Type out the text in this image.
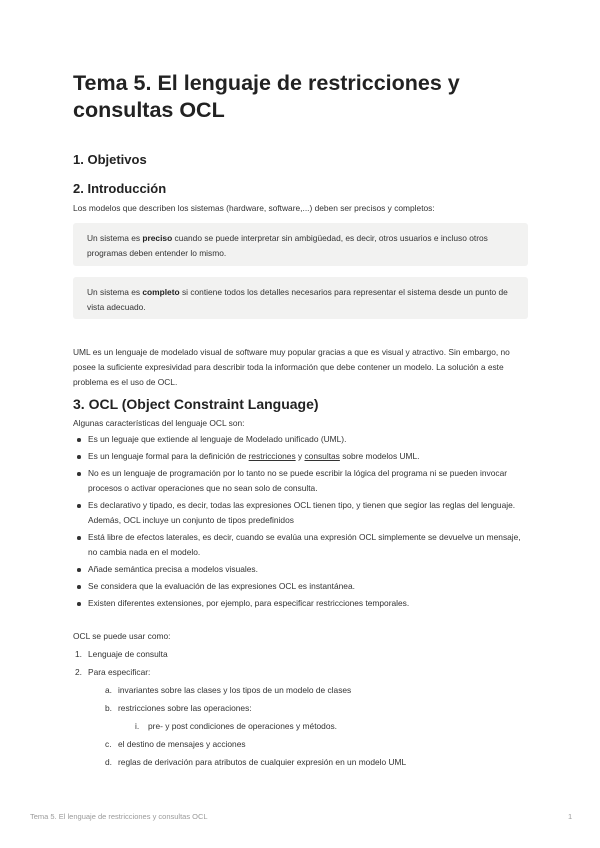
Tema 5. El lenguaje de restricciones y consultas OCL
1. Objetivos
2. Introducción

Los modelos que describen los sistemas (hardware, software,...) deben ser precisos y completos:

Un sistema es preciso cuando se puede interpretar sin ambigüedad, es decir, otros usuarios e incluso otros programas deben entender lo mismo.

Un sistema es completo si contiene todos los detalles necesarios para representar el sistema desde un punto de vista adecuado.

UML es un lenguaje de modelado visual de software muy popular gracias a que es visual y atractivo. Sin embargo, no posee la suficiente expresividad para describir toda la información que debe contener un modelo. La solución a este problema es el uso de OCL.

3. OCL (Object Constraint Language)

Algunas características del lenguaje OCL son:

Es un leguaje que extiende al lenguaje de Modelado unificado (UML).
Es un lenguaje formal para la definición de restricciones y consultas sobre modelos UML.
No es un lenguaje de programación por lo tanto no se puede escribir la lógica del programa ni se pueden invocar procesos o activar operaciones que no sean solo de consulta.
Es declarativo y tipado, es decir, todas las expresiones OCL tienen tipo, y tienen que segior las reglas del lenguaje. Además, OCL incluye un conjunto de tipos predefinidos
Está libre de efectos laterales, es decir, cuando se evalúa una expresión OCL simplemente se devuelve un mensaje, no cambia nada en el modelo.
Añade semántica precisa a modelos visuales.
Se considera que la evaluación de las expresiones OCL es instantánea.
Existen diferentes extensiones, por ejemplo, para especificar restricciones temporales.

OCL se puede usar como:

1. Lenguaje de consulta
2. Para especificar:
a. invariantes sobre las clases y los tipos de un modelo de clases
b. restricciones sobre las operaciones:
i. pre- y post condiciones de operaciones y métodos.
c. el destino de mensajes y acciones
d. reglas de derivación para atributos de cualquier expresión en un modelo UML
Tema 5. El lenguaje de restricciones y consultas OCL	1
